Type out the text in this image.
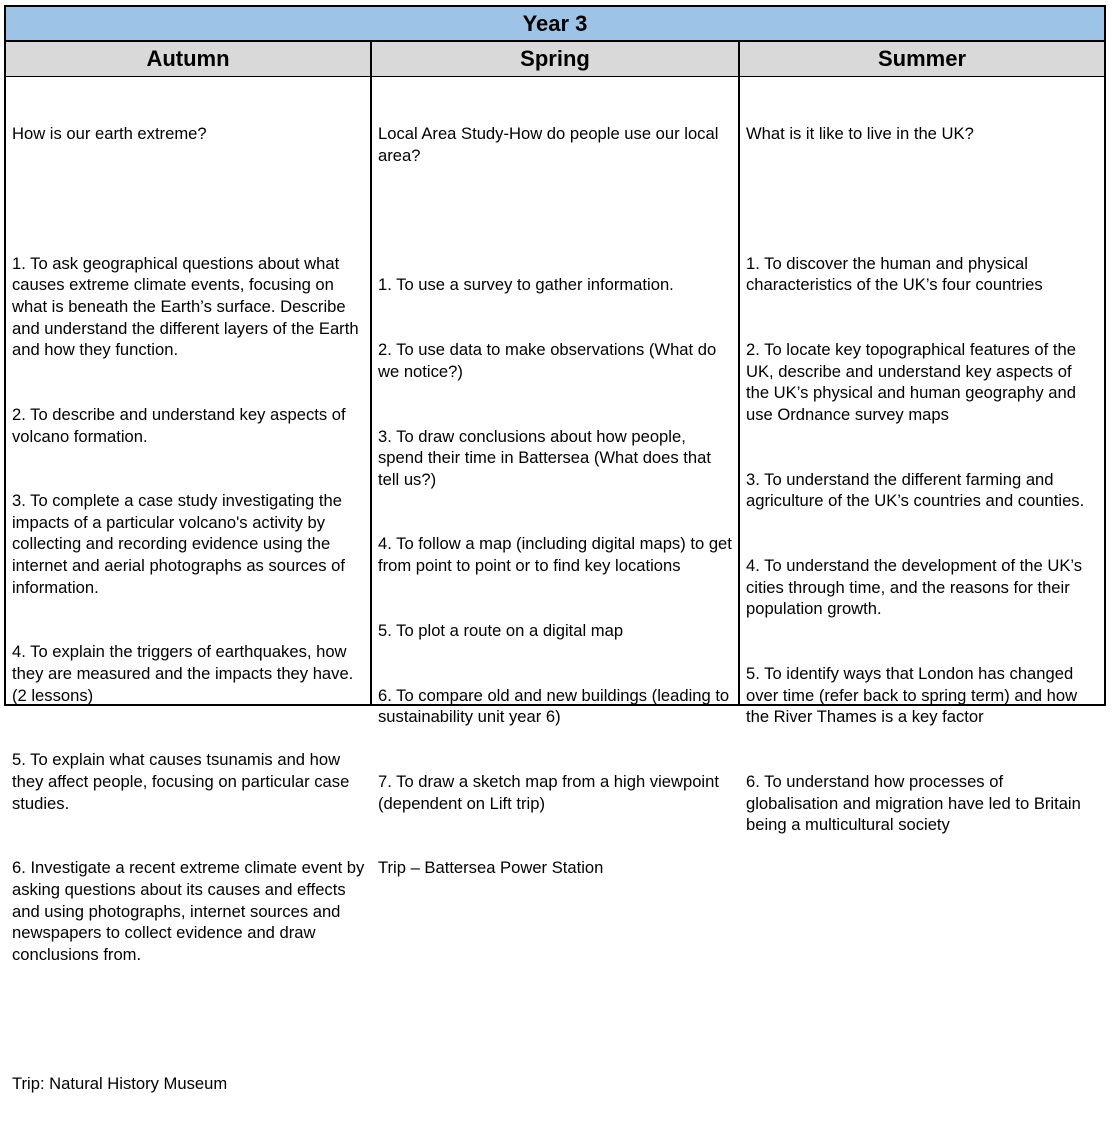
Year 3
Autumn	Spring	Summer

How is our earth extreme?

1. To ask geographical questions about what causes extreme climate events, focusing on what is beneath the Earth’s surface. Describe and understand the different layers of the Earth and how they function.

2. To describe and understand key aspects of volcano formation.

3. To complete a case study investigating the impacts of a particular volcano's activity by collecting and recording evidence using the internet and aerial photographs as sources of information.

4. To explain the triggers of earthquakes, how they are measured and the impacts they have. (2 lessons)

5. To explain what causes tsunamis and how they affect people, focusing on particular case studies.

6. Investigate a recent extreme climate event by asking questions about its causes and effects and using photographs, internet sources and newspapers to collect evidence and draw conclusions from.

Trip: Natural History Museum

Local Area Study-How do people use our local area?

1. To use a survey to gather information.

2. To use data to make observations (What do we notice?)

3. To draw conclusions about how people, spend their time in Battersea (What does that tell us?)

4. To follow a map (including digital maps) to get from point to point or to find key locations

5. To plot a route on a digital map

6. To compare old and new buildings (leading to sustainability unit year 6)

7. To draw a sketch map from a high viewpoint (dependent on Lift trip)

Trip – Battersea Power Station

What is it like to live in the UK?

1. To discover the human and physical characteristics of the UK’s four countries

2. To locate key topographical features of the UK, describe and understand key aspects of the UK’s physical and human geography and use Ordnance survey maps

3. To understand the different farming and agriculture of the UK’s countries and counties.

4. To understand the development of the UK’s cities through time, and the reasons for their population growth.

5. To identify ways that London has changed over time (refer back to spring term) and how the River Thames is a key factor

6. To understand how processes of globalisation and migration have led to Britain being a multicultural society
